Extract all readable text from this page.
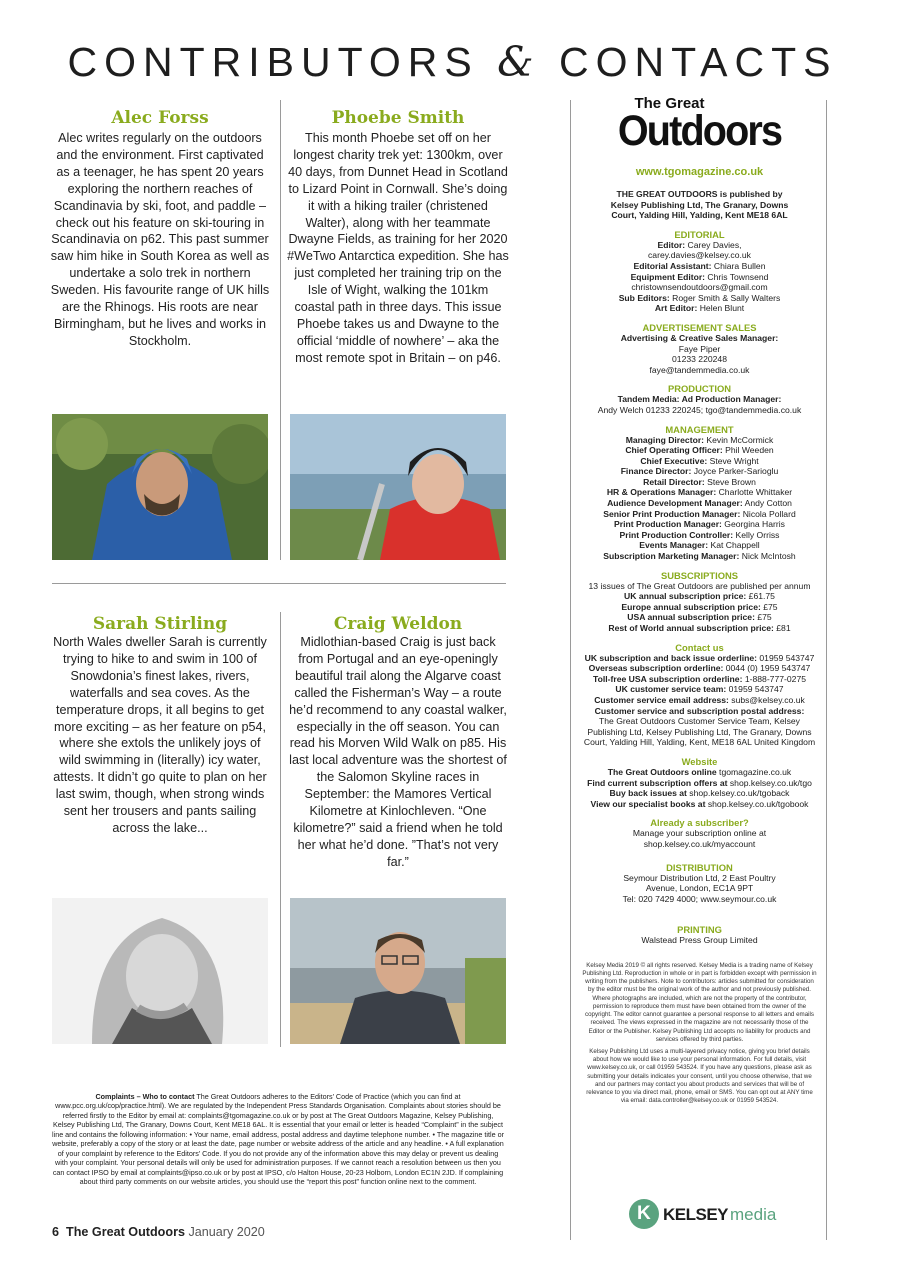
CONTRIBUTORS & CONTACTS
Alec Forss
Alec writes regularly on the outdoors and the environment. First captivated as a teenager, he has spent 20 years exploring the northern reaches of Scandinavia by ski, foot, and paddle – check out his feature on ski-touring in Scandinavia on p62. This past summer saw him hike in South Korea as well as undertake a solo trek in northern Sweden. His favourite range of UK hills are the Rhinogs. His roots are near Birmingham, but he lives and works in Stockholm.
Phoebe Smith
This month Phoebe set off on her longest charity trek yet: 1300km, over 40 days, from Dunnet Head in Scotland to Lizard Point in Cornwall. She’s doing it with a hiking trailer (christened Walter), along with her teammate Dwayne Fields, as training for her 2020 #WeTwo Antarctica expedition. She has just completed her training trip on the Isle of Wight, walking the 101km coastal path in three days. This issue Phoebe takes us and Dwayne to the official ‘middle of nowhere’ – aka the most remote spot in Britain – on p46.
Sarah Stirling
North Wales dweller Sarah is currently trying to hike to and swim in 100 of Snowdonia’s finest lakes, rivers, waterfalls and sea coves. As the temperature drops, it all begins to get more exciting – as her feature on p54, where she extols the unlikely joys of wild swimming in (literally) icy water, attests. It didn’t go quite to plan on her last swim, though, when strong winds sent her trousers and pants sailing across the lake...
Craig Weldon
Midlothian-based Craig is just back from Portugal and an eye-openingly beautiful trail along the Algarve coast called the Fisherman’s Way – a route he’d recommend to any coastal walker, especially in the off season. You can read his Morven Wild Walk on p85. His last local adventure was the shortest of the Salomon Skyline races in September: the Mamores Vertical Kilometre at Kinlochleven. “One kilometre?” said a friend when he told her what he’d done. ”That’s not very far.”
The Great
Outdoors
www.tgomagazine.co.uk

THE GREAT OUTDOORS is published by Kelsey Publishing Ltd, The Granary, Downs Court, Yalding Hill, Yalding, Kent ME18 6AL

EDITORIAL

Editor: Carey Davies,

carey.davies@kelsey.co.uk

Editorial Assistant: Chiara Bullen

Equipment Editor: Chris Townsend

christownsendoutdoors@gmail.com

Sub Editors: Roger Smith & Sally Walters

Art Editor: Helen Blunt

ADVERTISEMENT SALES

Advertising & Creative Sales Manager:

Faye Piper

01233 220248

faye@tandemmedia.co.uk

PRODUCTION

Tandem Media: Ad Production Manager:

Andy Welch 01233 220245; tgo@tandemmedia.co.uk

MANAGEMENT

Managing Director: Kevin McCormick

Chief Operating Officer: Phil Weeden

Chief Executive: Steve Wright

Finance Director: Joyce Parker-Sarioglu

Retail Director: Steve Brown

HR & Operations Manager: Charlotte Whittaker

Audience Development Manager: Andy Cotton

Senior Print Production Manager: Nicola Pollard

Print Production Manager: Georgina Harris

Print Production Controller: Kelly Orriss

Events Manager: Kat Chappell

Subscription Marketing Manager: Nick McIntosh

SUBSCRIPTIONS

13 issues of The Great Outdoors are published per annum

UK annual subscription price: £61.75

Europe annual subscription price: £75

USA annual subscription price: £75

Rest of World annual subscription price: £81

Contact us

UK subscription and back issue orderline: 01959 543747

Overseas subscription orderline: 0044 (0) 1959 543747

Toll-free USA subscription orderline: 1-888-777-0275

UK customer service team: 01959 543747

Customer service email address: subs@kelsey.co.uk

Customer service and subscription postal address:

The Great Outdoors Customer Service Team, Kelsey Publishing Ltd, Kelsey Publishing Ltd, The Granary, Downs Court, Yalding Hill, Yalding, Kent, ME18 6AL United Kingdom

Website

The Great Outdoors online tgomagazine.co.uk

Find current subscription offers at shop.kelsey.co.uk/tgo

Buy back issues at shop.kelsey.co.uk/tgoback

View our specialist books at shop.kelsey.co.uk/tgobook

Already a subscriber?

Manage your subscription online at

shop.kelsey.co.uk/myaccount

DISTRIBUTION

Seymour Distribution Ltd, 2 East Poultry

Avenue, London, EC1A 9PT

Tel: 020 7429 4000; www.seymour.co.uk

PRINTING

Walstead Press Group Limited

Kelsey Media 2019 © all rights reserved. Kelsey Media is a trading name of Kelsey Publishing Ltd. Reproduction in whole or in part is forbidden except with permission in writing from the publishers. Note to contributors: articles submitted for consideration by the editor must be the original work of the author and not previously published. Where photographs are included, which are not the property of the contributor, permission to reproduce them must have been obtained from the owner of the copyright. The editor cannot guarantee a personal response to all letters and emails received. The views expressed in the magazine are not necessarily those of the Editor or the Publisher. Kelsey Publishing Ltd accepts no liability for products and services offered by third parties.
Kelsey Publishing Ltd uses a multi-layered privacy notice, giving you brief details about how we would like to use your personal information. For full details, visit www.kelsey.co.uk, or call 01959 543524. If you have any questions, please ask as submitting your details indicates your consent, until you choose otherwise, that we and our partners may contact you about products and services that will be of relevance to you via direct mail, phone, email or SMS. You can opt out at ANY time via email: data.controller@kelsey.co.uk or 01959 543524.
K KELSEY media
Complaints – Who to contact The Great Outdoors adheres to the Editors’ Code of Practice (which you can find at www.pcc.org.uk/cop/practice.html). We are regulated by the Independent Press Standards Organisation. Complaints about stories should be referred firstly to the Editor by email at: complaints@tgomagazine.co.uk or by post at The Great Outdoors Magazine, Kelsey Publishing, Kelsey Publishing Ltd, The Granary, Downs Court, Kent ME18 6AL. It is essential that your email or letter is headed “Complaint” in the subject line and contains the following information: • Your name, email address, postal address and daytime telephone number. • The magazine title or website, preferably a copy of the story or at least the date, page number or website address of the article and any headline. • A full explanation of your complaint by reference to the Editors’ Code. If you do not provide any of the information above this may delay or prevent us dealing with your complaint. Your personal details will only be used for administration purposes. If we cannot reach a resolution between us then you can contact IPSO by email at complaints@ipso.co.uk or by post at IPSO, c/o Halton House, 20-23 Holborn, London EC1N 2JD. If complaining about third party comments on our website articles, you should use the “report this post” function online next to the comment.
6 The Great Outdoors January 2020
